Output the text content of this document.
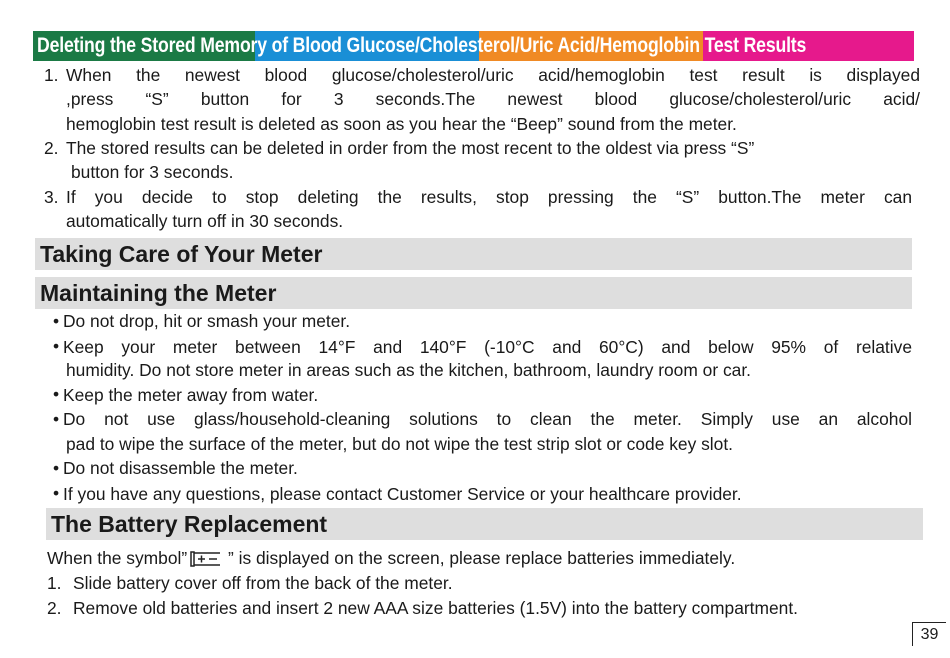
Deleting the Stored Memory of Blood Glucose/Cholesterol/Uric Acid/Hemoglobin Test Results
1. When the newest blood glucose/cholesterol/uric acid/hemoglobin test result is displayed
,press “S” button for 3 seconds.The newest blood glucose/cholesterol/uric acid/
hemoglobin test result is deleted as soon as you hear the “Beep” sound from the meter.
2. The stored results can be deleted in order from the most recent to the oldest via press “S”
button for 3 seconds.
3. If you decide to stop deleting the results, stop pressing the “S” button.The meter can
automatically turn off in 30 seconds.
Taking Care of Your Meter
Maintaining the Meter
• Do not drop, hit or smash your meter.
• Keep your meter between 14°F and 140°F (-10°C and 60°C) and below 95% of relative
humidity. Do not store meter in areas such as the kitchen, bathroom, laundry room or car.
• Keep the meter away from water.
• Do not use glass/household-cleaning solutions to clean the meter. Simply use an alcohol
pad to wipe the surface of the meter, but do not wipe the test strip slot or code key slot.
• Do not disassemble the meter.
• If you have any questions, please contact Customer Service or your healthcare provider.
The Battery Replacement
When the symbol” ” is displayed on the screen, please replace batteries immediately.
1. Slide battery cover off from the back of the meter.
2. Remove old batteries and insert 2 new AAA size batteries (1.5V) into the battery compartment.
39
